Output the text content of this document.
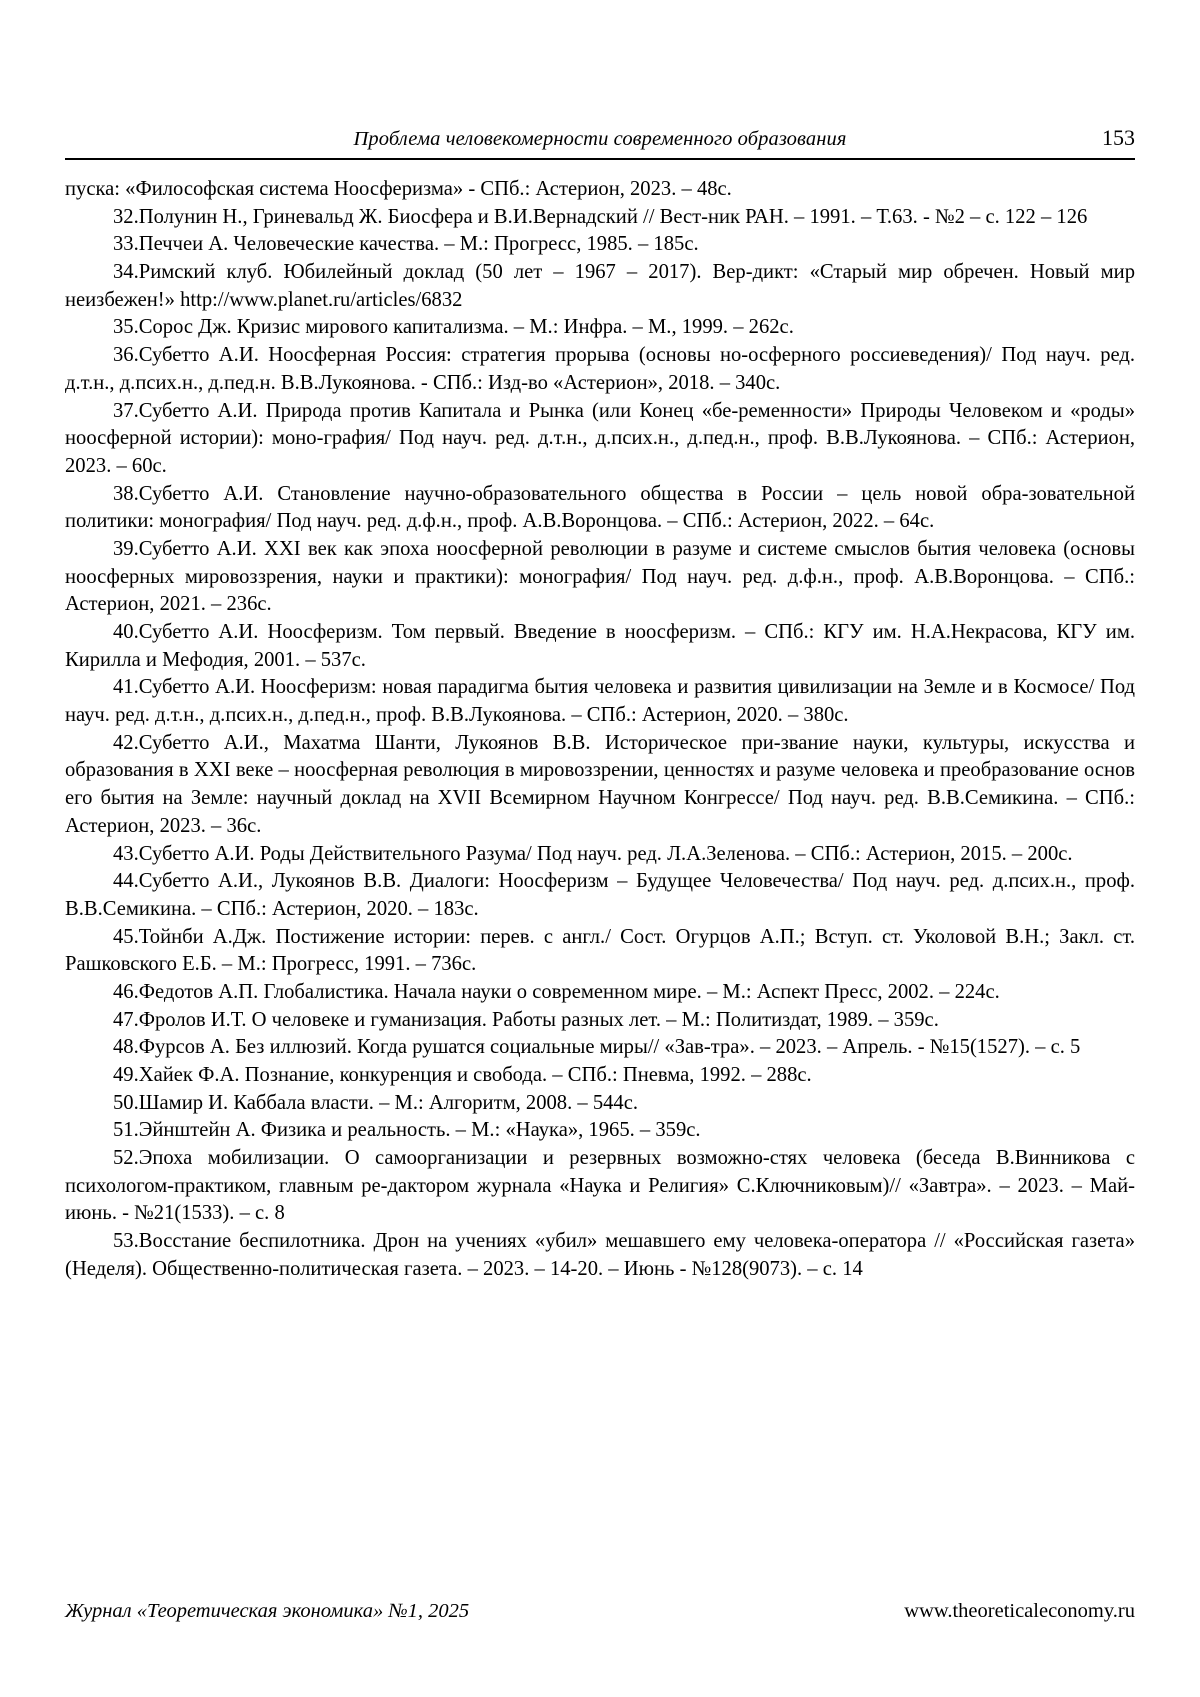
Проблема человекомерности современного образования	153

пуска: «Философская система Ноосферизма» - СПб.: Астерион, 2023. – 48с.

32.Полунин Н., Гриневальд Ж. Биосфера и В.И.Вернадский // Вест-ник РАН. – 1991. – Т.63. - №2 – с. 122 – 126

33.Печчеи А. Человеческие качества. – М.: Прогресс, 1985. – 185с.

34.Римский клуб. Юбилейный доклад (50 лет – 1967 – 2017). Вер-дикт: «Старый мир обречен. Новый мир неизбежен!» http://www.planet.ru/articles/6832

35.Сорос Дж. Кризис мирового капитализма. – М.: Инфра. – М., 1999. – 262с.

36.Субетто А.И. Ноосферная Россия: стратегия прорыва (основы но-осферного россиеведения)/ Под науч. ред. д.т.н., д.псих.н., д.пед.н. В.В.Лукоянова. - СПб.: Изд-во «Астерион», 2018. – 340с.

37.Субетто А.И. Природа против Капитала и Рынка (или Конец «бе-ременности» Природы Человеком и «роды» ноосферной истории): моно-графия/ Под науч. ред. д.т.н., д.псих.н., д.пед.н., проф. В.В.Лукоянова. – СПб.: Астерион, 2023. – 60с.

38.Субетто А.И. Становление научно-образовательного общества в России – цель новой обра-зовательной политики: монография/ Под науч. ред. д.ф.н., проф. А.В.Воронцова. – СПб.: Астерион, 2022. – 64с.

39.Субетто А.И. XXI век как эпоха ноосферной революции в разуме и системе смыслов бытия человека (основы ноосферных мировоззрения, науки и практики): монография/ Под науч. ред. д.ф.н., проф. А.В.Воронцова. – СПб.: Астерион, 2021. – 236с.

40.Субетто А.И. Ноосферизм. Том первый. Введение в ноосферизм. – СПб.: КГУ им. Н.А.Некрасова, КГУ им. Кирилла и Мефодия, 2001. – 537с.

41.Субетто А.И. Ноосферизм: новая парадигма бытия человека и развития цивилизации на Земле и в Космосе/ Под науч. ред. д.т.н., д.псих.н., д.пед.н., проф. В.В.Лукоянова. – СПб.: Астерион, 2020. – 380с.

42.Субетто А.И., Махатма Шанти, Лукоянов В.В. Историческое при-звание науки, культуры, искусства и образования в XXI веке – ноосферная революция в мировоззрении, ценностях и разуме человека и преобразование основ его бытия на Земле: научный доклад на XVII Всемирном Научном Конгрессе/ Под науч. ред. В.В.Семикина. – СПб.: Астерион, 2023. – 36с.

43.Субетто А.И. Роды Действительного Разума/ Под науч. ред. Л.А.Зеленова. – СПб.: Астерион, 2015. – 200с.

44.Субетто А.И., Лукоянов В.В. Диалоги: Ноосферизм – Будущее Человечества/ Под науч. ред. д.псих.н., проф. В.В.Семикина. – СПб.: Астерион, 2020. – 183с.

45.Тойнби А.Дж. Постижение истории: перев. с англ./ Сост. Огурцов А.П.; Вступ. ст. Уколовой В.Н.; Закл. ст. Рашковского Е.Б. – М.: Прогресс, 1991. – 736с.

46.Федотов А.П. Глобалистика. Начала науки о современном мире. – М.: Аспект Пресс, 2002. – 224с.

47.Фролов И.Т. О человеке и гуманизация. Работы разных лет. – М.: Политиздат, 1989. – 359с.

48.Фурсов А. Без иллюзий. Когда рушатся социальные миры// «Зав-тра». – 2023. – Апрель. - №15(1527). – с. 5

49.Хайек Ф.А. Познание, конкуренция и свобода. – СПб.: Пневма, 1992. – 288с.

50.Шамир И. Каббала власти. – М.: Алгоритм, 2008. – 544с.

51.Эйнштейн А. Физика и реальность. – М.: «Наука», 1965. – 359с.

52.Эпоха мобилизации. О самоорганизации и резервных возможно-стях человека (беседа В.Винникова с психологом-практиком, главным ре-дактором журнала «Наука и Религия» С.Ключниковым)// «Завтра». – 2023. – Май-июнь. - №21(1533). – с. 8

53.Восстание беспилотника. Дрон на учениях «убил» мешавшего ему человека-оператора // «Российская газета» (Неделя). Общественно-политическая газета. – 2023. – 14-20. – Июнь - №128(9073). – с. 14

Журнал «Теоретическая экономика» №1, 2025	www.theoreticaleconomy.ru
